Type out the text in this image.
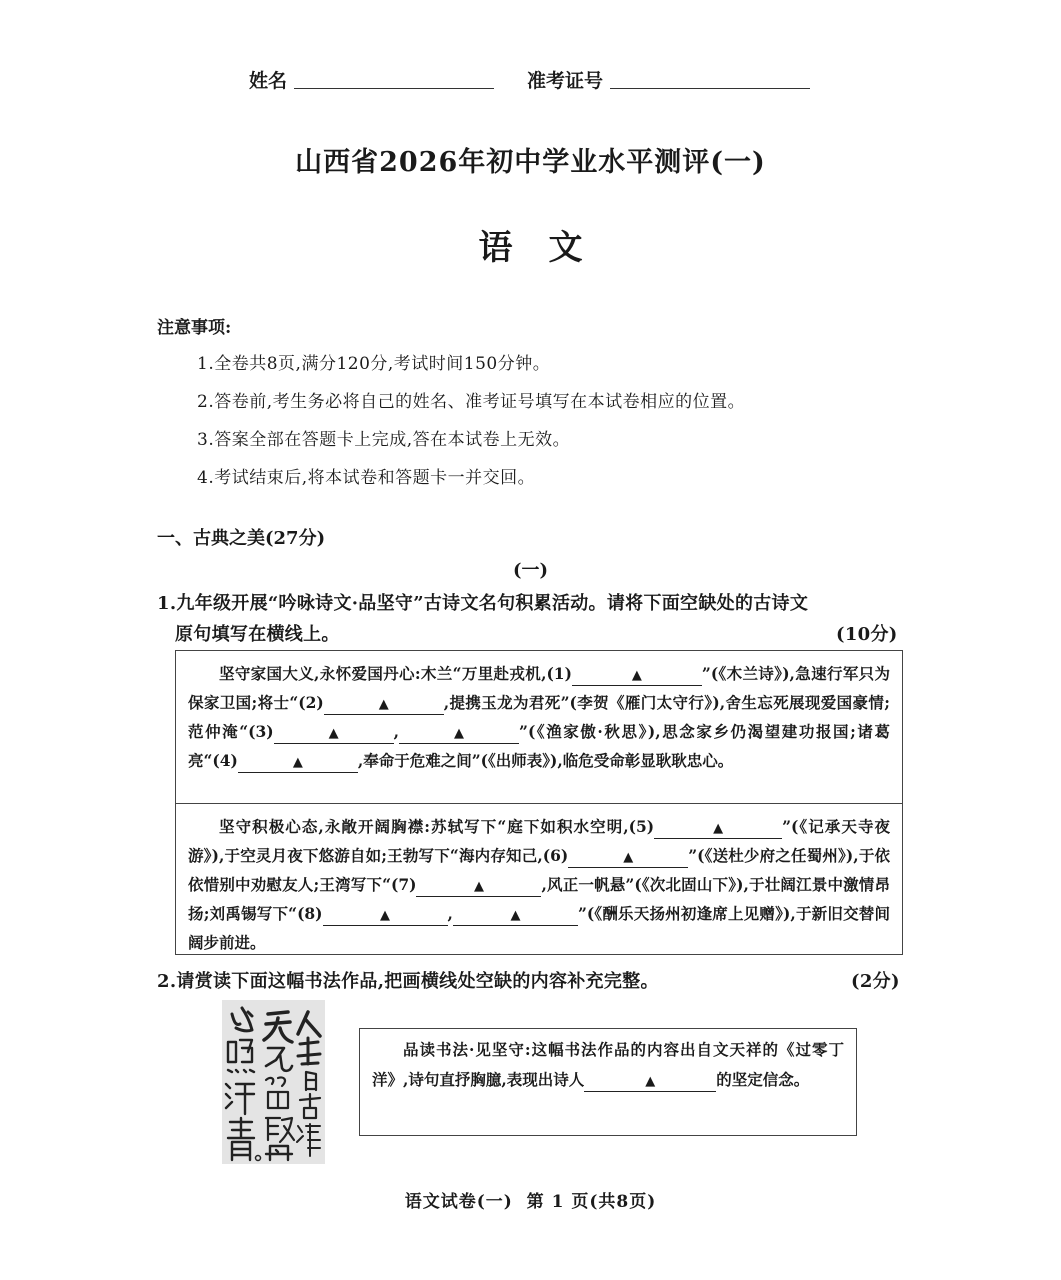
姓名	准考证号
山西省2026年初中学业水平测评(一)
语 文
注意事项:
1.全卷共8页,满分120分,考试时间150分钟。
2.答卷前,考生务必将自己的姓名、准考证号填写在本试卷相应的位置。
3.答案全部在答题卡上完成,答在本试卷上无效。
4.考试结束后,将本试卷和答题卡一并交回。
一、古典之美(27分)
(一)
1.九年级开展“吟咏诗文·品坚守”古诗文名句积累活动。请将下面空缺处的古诗文
原句填写在横线上。	(10分)

坚守家国大义,永怀爱国丹心:木兰“万里赴戎机,(1)	▲	”(《木兰诗》),急速行军只为保家卫国;将士“(2)	▲	,提携玉龙为君死”(李贺《雁门太守行》),舍生忘死展现爱国豪情;范仲淹“(3)	▲	,	▲	”(《渔家傲·秋思》),思念家乡仍渴望建功报国;诸葛亮“(4)	▲	,奉命于危难之间”(《出师表》),临危受命彰显耿耿忠心。

坚守积极心态,永敞开阔胸襟:苏轼写下“庭下如积水空明,(5)	▲	”(《记承天寺夜游》),于空灵月夜下悠游自如;王勃写下“海内存知己,(6)	▲	”(《送杜少府之任蜀州》),于依依惜别中劝慰友人;王湾写下“(7)	▲	,风正一帆悬”(《次北固山下》),于壮阔江景中激情昂扬;刘禹锡写下“(8)	▲	,	▲	”(《酬乐天扬州初逢席上见赠》),于新旧交替间阔步前进。

2.请赏读下面这幅书法作品,把画横线处空缺的内容补充完整。	(2分)

品读书法·见坚守:这幅书法作品的内容出自文天祥的《过零丁洋》,诗句直抒胸臆,表现出诗人	▲	的坚定信念。

语文试卷(一)  第 1 页(共8页)
